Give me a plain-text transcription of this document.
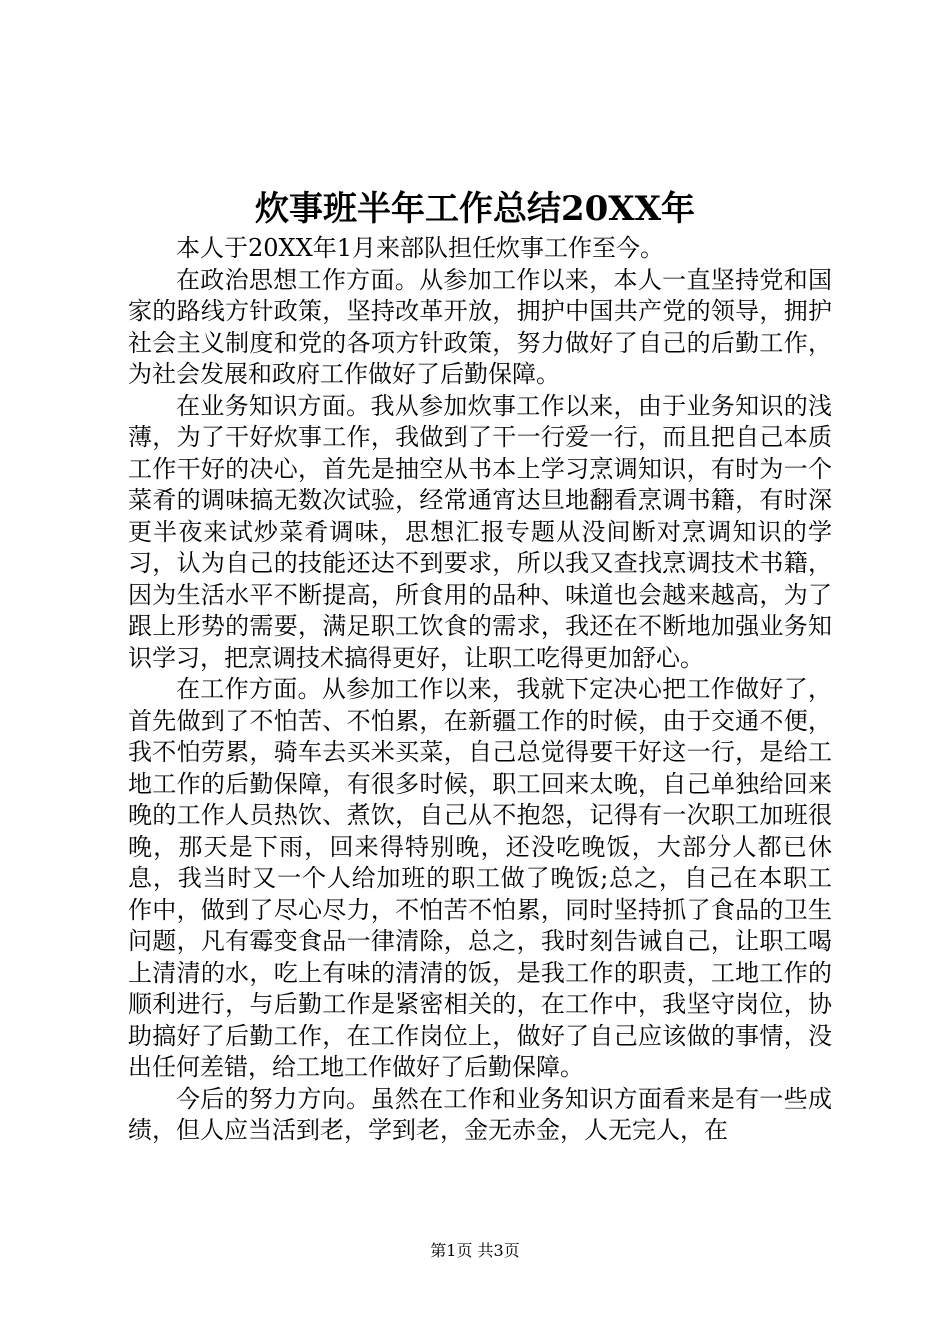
炊事班半年工作总结20XX年

本人于20XX年1月来部队担任炊事工作至今。

在政治思想工作方面。从参加工作以来，本人一直坚持党和国家的路线方针政策，坚持改革开放，拥护中国共产党的领导，拥护社会主义制度和党的各项方针政策，努力做好了自己的后勤工作，为社会发展和政府工作做好了后勤保障。

在业务知识方面。我从参加炊事工作以来，由于业务知识的浅薄，为了干好炊事工作，我做到了干一行爱一行，而且把自己本质工作干好的决心，首先是抽空从书本上学习烹调知识，有时为一个菜肴的调味搞无数次试验，经常通宵达旦地翻看烹调书籍，有时深更半夜来试炒菜肴调味，思想汇报专题从没间断对烹调知识的学习，认为自己的技能还达不到要求，所以我又查找烹调技术书籍，因为生活水平不断提高，所食用的品种、味道也会越来越高，为了跟上形势的需要，满足职工饮食的需求，我还在不断地加强业务知识学习，把烹调技术搞得更好，让职工吃得更加舒心。

在工作方面。从参加工作以来，我就下定决心把工作做好了，首先做到了不怕苦、不怕累，在新疆工作的时候，由于交通不便，我不怕劳累，骑车去买米买菜，自己总觉得要干好这一行，是给工地工作的后勤保障，有很多时候，职工回来太晚，自己单独给回来晚的工作人员热饮、煮饮，自己从不抱怨，记得有一次职工加班很晚，那天是下雨，回来得特别晚，还没吃晚饭，大部分人都已休息，我当时又一个人给加班的职工做了晚饭;总之，自己在本职工作中，做到了尽心尽力，不怕苦不怕累，同时坚持抓了食品的卫生问题，凡有霉变食品一律清除，总之，我时刻告诫自己，让职工喝上清清的水，吃上有味的清清的饭，是我工作的职责，工地工作的顺利进行，与后勤工作是紧密相关的，在工作中，我坚守岗位，协助搞好了后勤工作，在工作岗位上，做好了自己应该做的事情，没出任何差错，给工地工作做好了后勤保障。

今后的努力方向。虽然在工作和业务知识方面看来是有一些成绩，但人应当活到老，学到老，金无赤金，人无完人，在

第1页 共3页
